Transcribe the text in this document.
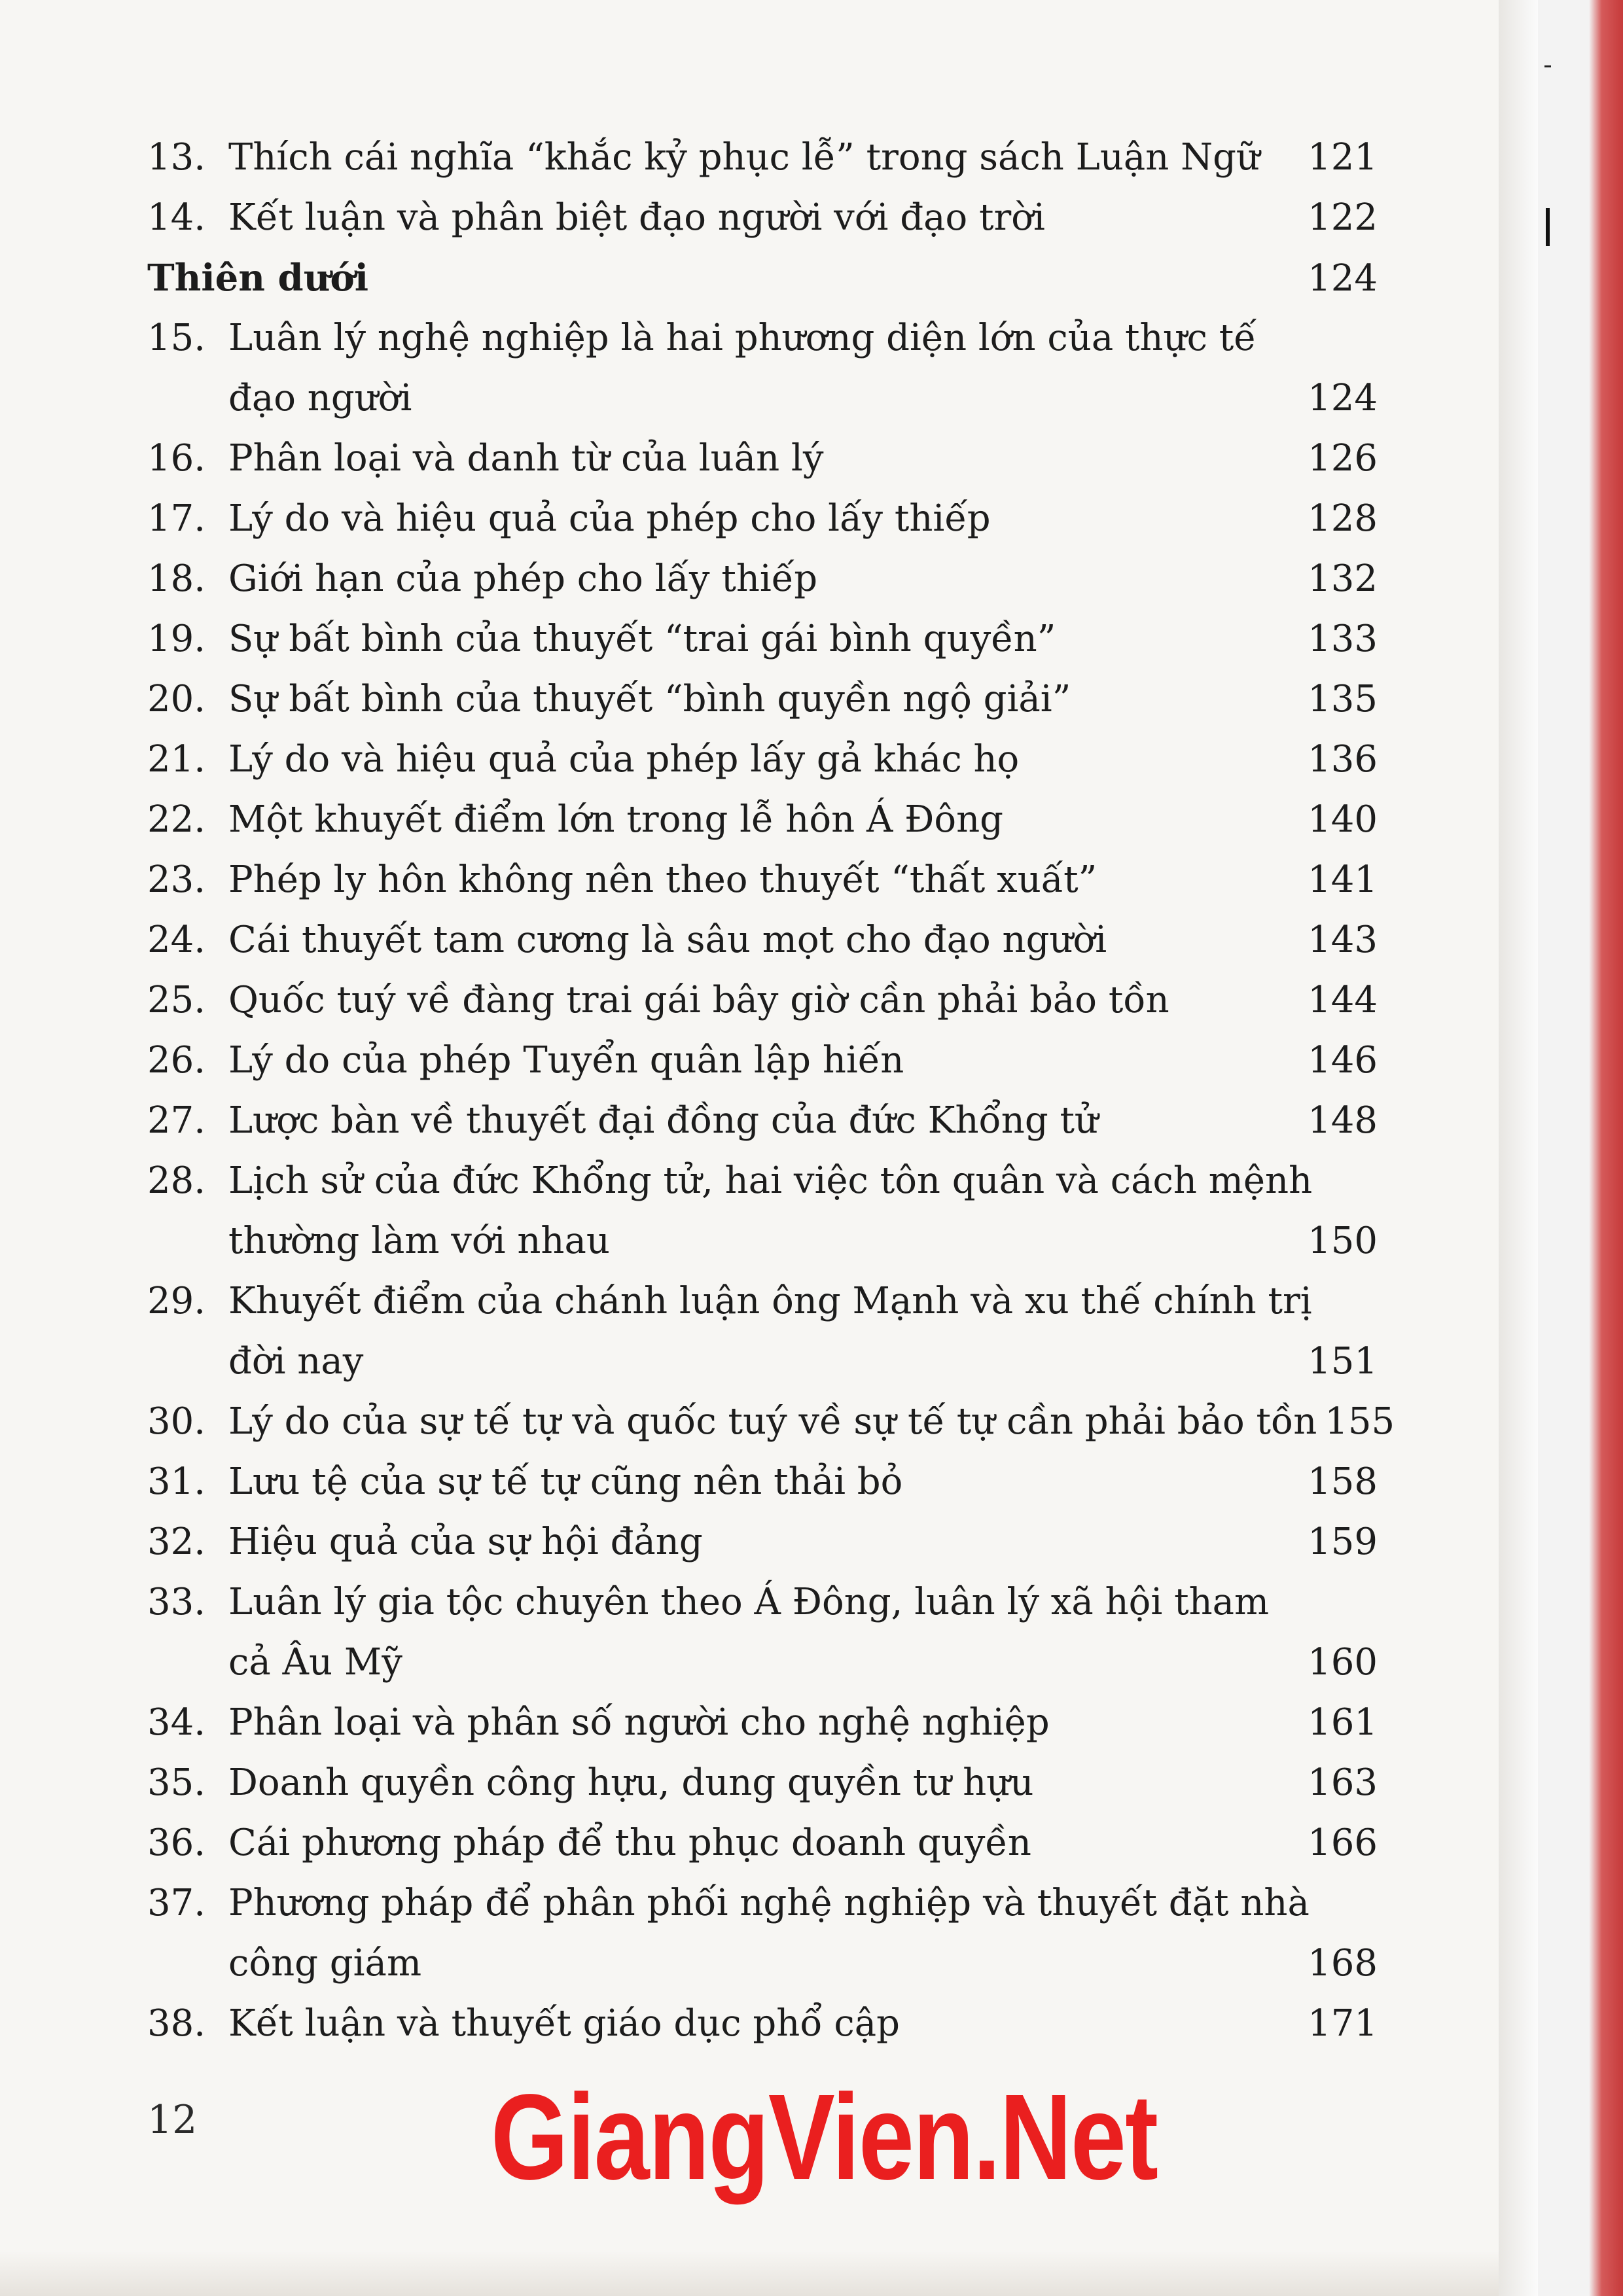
13. Thích cái nghĩa “khắc kỷ phục lễ” trong sách Luận Ngữ ..... 121
14. Kết luận và phân biệt đạo người với đạo trời .....	122
Thiên dưới .....	124
15. Luân lý nghệ nghiệp là hai phương diện lớn của thực tế
đạo người .....	124
16. Phân loại và danh từ của luân lý .....	126
17. Lý do và hiệu quả của phép cho lấy thiếp .....	128
18. Giới hạn của phép cho lấy thiếp .....	132
19. Sự bất bình của thuyết “trai gái bình quyền” .....	133
20. Sự bất bình của thuyết “bình quyền ngộ giải” .....	135
21. Lý do và hiệu quả của phép lấy gả khác họ .....	136
22. Một khuyết điểm lớn trong lễ hôn Á Đông .....	140
23. Phép ly hôn không nên theo thuyết “thất xuất” .....	141
24. Cái thuyết tam cương là sâu mọt cho đạo người .....	143
25. Quốc tuý về đàng trai gái bây giờ cần phải bảo tồn .....	144
26. Lý do của phép Tuyển quân lập hiến .....	146
27. Lược bàn về thuyết đại đồng của đức Khổng tử .....	148
28. Lịch sử của đức Khổng tử, hai việc tôn quân và cách mệnh
thường làm với nhau .....	150
29. Khuyết điểm của chánh luận ông Mạnh và xu thế chính trị
đời nay .....	151
30. Lý do của sự tế tự và quốc tuý về sự tế tự cần phải bảo tồn 155
31. Lưu tệ của sự tế tự cũng nên thải bỏ .....	158
32. Hiệu quả của sự hội đảng .....	159
33. Luân lý gia tộc chuyên theo Á Đông, luân lý xã hội tham
cả Âu Mỹ .....	160
34. Phân loại và phân số người cho nghệ nghiệp .....	161
35. Doanh quyền công hựu, dung quyền tư hựu .....	163
36. Cái phương pháp để thu phục doanh quyền .....	166
37. Phương pháp để phân phối nghệ nghiệp và thuyết đặt nhà
công giám .....	168
38. Kết luận và thuyết giáo dục phổ cập .....	171
12 GiangVien.Net
